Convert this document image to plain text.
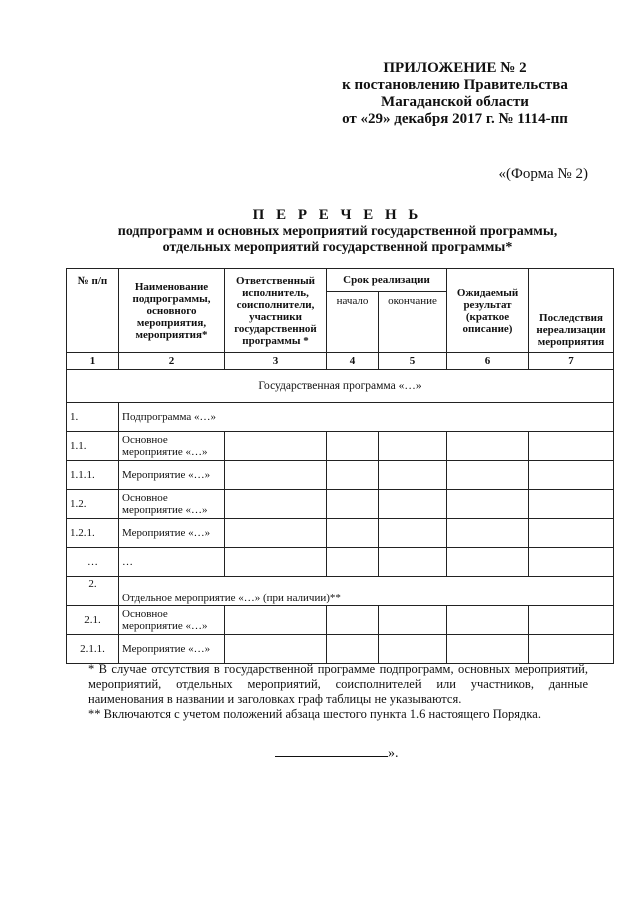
ПРИЛОЖЕНИЕ № 2
к постановлению Правительства
Магаданской области
от «29» декабря 2017 г. № 1114-пп
«(Форма № 2)
П Е Р Е Ч Е Н Ь
подпрограмм и основных мероприятий государственной программы,
отдельных мероприятий государственной программы*
№ п/п	Наименование подпрограммы, основного мероприятия, мероприятия*	Ответственный исполнитель, соисполнители, участники государственной программы *	Срок реализации		Ожидаемый результат (краткое описание)	Последствия нереализации мероприятия
			начало	окончание		
1	2	3	4	5	6	7
Государственная программа «…»						
1.	Подпрограмма «…»					
1.1.	Основное мероприятие «…»					
1.1.1.	Мероприятие «…»					
1.2.	Основное мероприятие «…»					
1.2.1.	Мероприятие «…»					
…	…					
2.	Отдельное мероприятие «…» (при наличии)**					
2.1.	Основное мероприятие «…»					
2.1.1.	Мероприятие «…»					

* В случае отсутствия в государственной программе подпрограмм, основных мероприятий, мероприятий, отдельных мероприятий, соисполнителей или участников, данные наименования в названии и заголовках граф таблицы не указываются.

** Включаются с учетом положений абзаца шестого пункта 1.6 настоящего Порядка.

».
